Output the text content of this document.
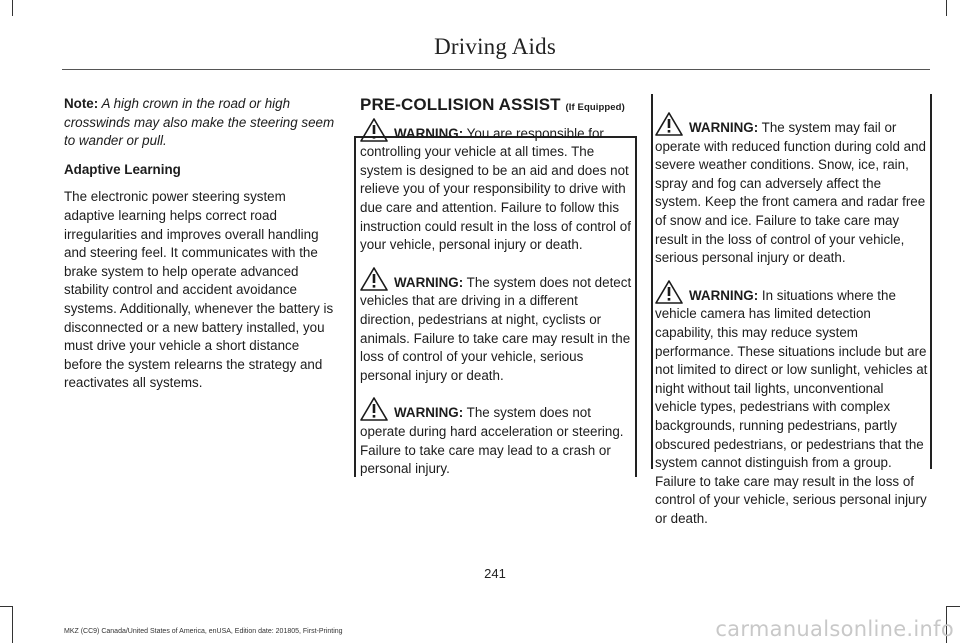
Driving Aids

Note: A high crown in the road or high crosswinds may also make the steering seem to wander or pull.

Adaptive Learning

The electronic power steering system adaptive learning helps correct road irregularities and improves overall handling and steering feel. It communicates with the brake system to help operate advanced stability control and accident avoidance systems. Additionally, whenever the battery is disconnected or a new battery installed, you must drive your vehicle a short distance before the system relearns the strategy and reactivates all systems.

PRE-COLLISION ASSIST (If Equipped)

WARNING: You are responsible for controlling your vehicle at all times. The system is designed to be an aid and does not relieve you of your responsibility to drive with due care and attention. Failure to follow this instruction could result in the loss of control of your vehicle, personal injury or death.

WARNING: The system does not detect vehicles that are driving in a different direction, pedestrians at night, cyclists or animals. Failure to take care may result in the loss of control of your vehicle, serious personal injury or death.

WARNING: The system does not operate during hard acceleration or steering. Failure to take care may lead to a crash or personal injury.

WARNING: The system may fail or operate with reduced function during cold and severe weather conditions. Snow, ice, rain, spray and fog can adversely affect the system. Keep the front camera and radar free of snow and ice. Failure to take care may result in the loss of control of your vehicle, serious personal injury or death.

WARNING: In situations where the vehicle camera has limited detection capability, this may reduce system performance. These situations include but are not limited to direct or low sunlight, vehicles at night without tail lights, unconventional vehicle types, pedestrians with complex backgrounds, running pedestrians, partly obscured pedestrians, or pedestrians that the system cannot distinguish from a group. Failure to take care may result in the loss of control of your vehicle, serious personal injury or death.

241
MKZ (CC9) Canada/United States of America, enUSA, Edition date: 201805, First-Printing	carmanualsonline.info
